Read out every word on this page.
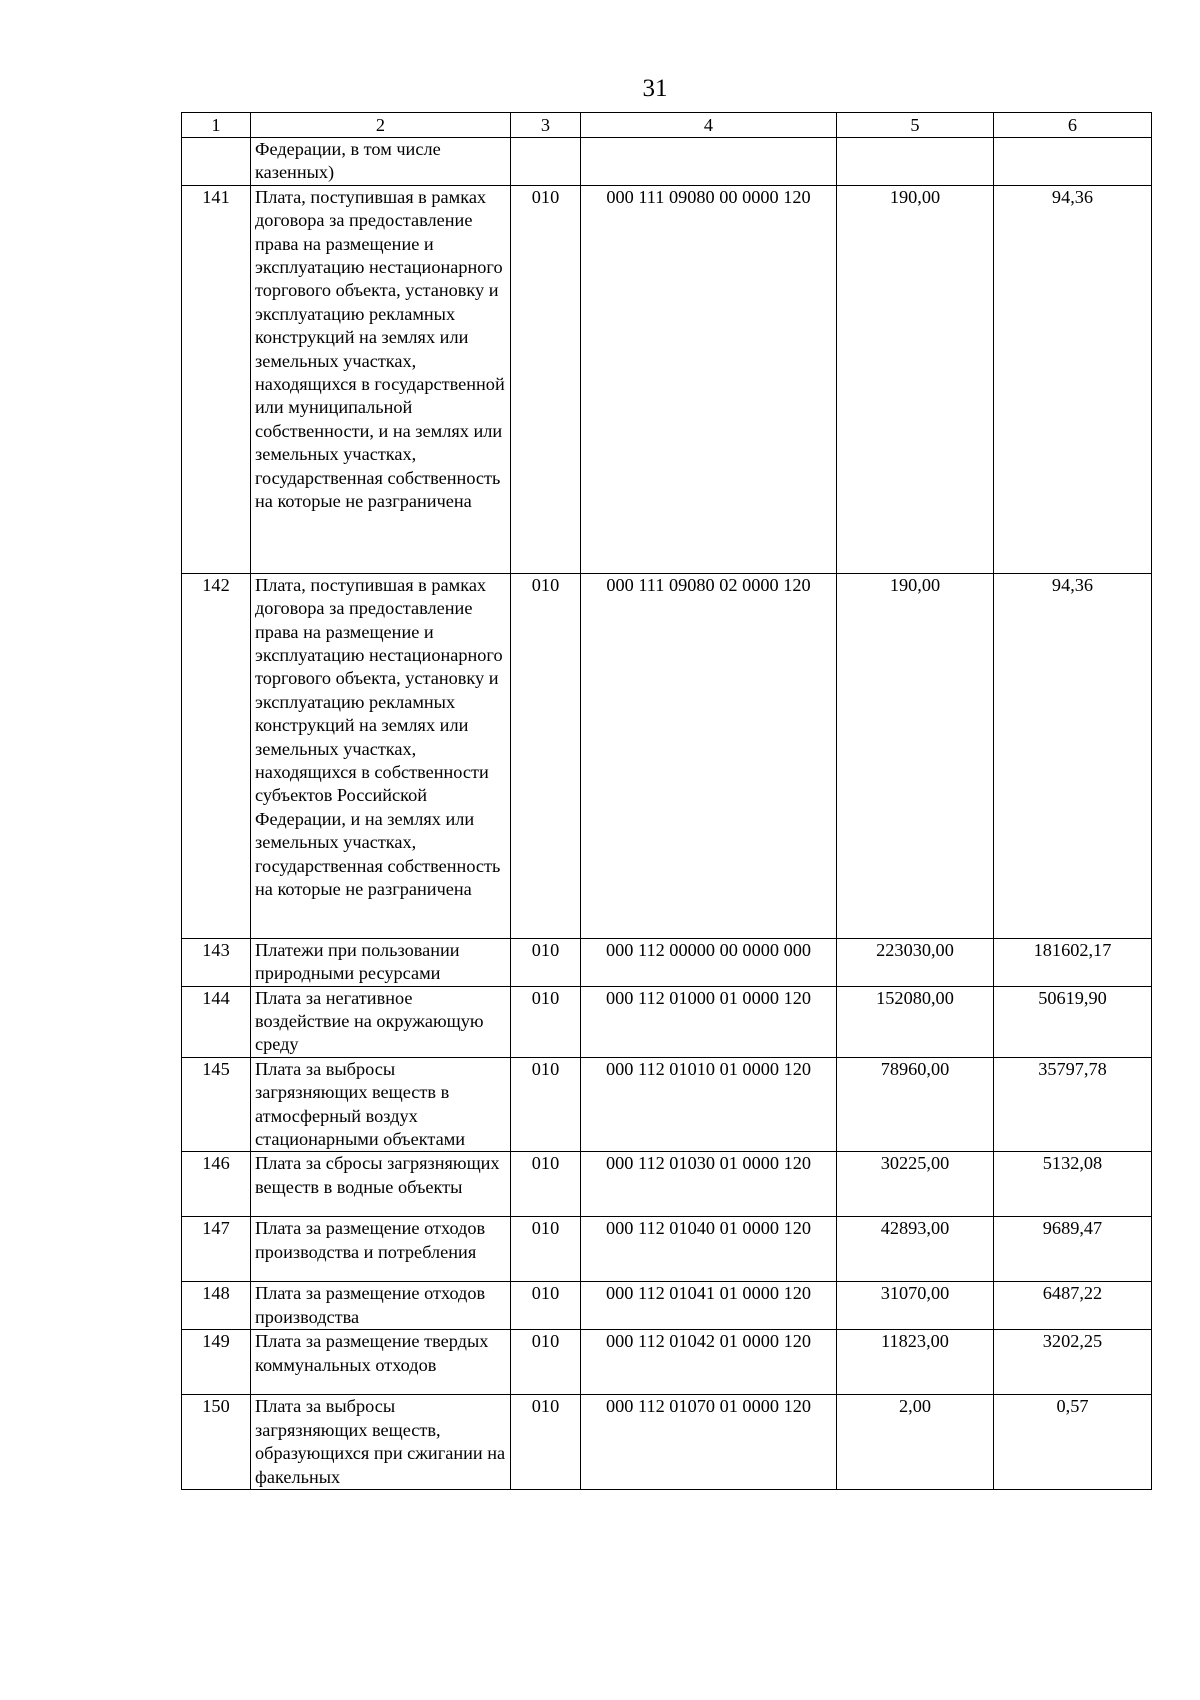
31
1	2	3	4	5	6
	Федерации, в том числе казенных)				
141	Плата, поступившая в рамках договора за предоставление права на размещение и эксплуатацию нестационарного торгового объекта, установку и эксплуатацию рекламных конструкций на землях или земельных участках, находящихся в государственной или муниципальной собственности, и на землях или земельных участках, государственная собственность на которые не разграничена	010	000 111 09080 00 0000 120	190,00	94,36
142	Плата, поступившая в рамках договора за предоставление права на размещение и эксплуатацию нестационарного торгового объекта, установку и эксплуатацию рекламных конструкций на землях или земельных участках, находящихся в собственности субъектов Российской Федерации, и на землях или земельных участках, государственная собственность на которые не разграничена	010	000 111 09080 02 0000 120	190,00	94,36
143	Платежи при пользовании природными ресурсами	010	000 112 00000 00 0000 000	223030,00	181602,17
144	Плата за негативное воздействие на окружающую среду	010	000 112 01000 01 0000 120	152080,00	50619,90
145	Плата за выбросы загрязняющих веществ в атмосферный воздух стационарными объектами	010	000 112 01010 01 0000 120	78960,00	35797,78
146	Плата за сбросы загрязняющих веществ в водные объекты	010	000 112 01030 01 0000 120	30225,00	5132,08
147	Плата за размещение отходов производства и потребления	010	000 112 01040 01 0000 120	42893,00	9689,47
148	Плата за размещение отходов производства	010	000 112 01041 01 0000 120	31070,00	6487,22
149	Плата за размещение твердых коммунальных отходов	010	000 112 01042 01 0000 120	11823,00	3202,25
150	Плата за выбросы загрязняющих веществ, образующихся при сжигании на факельных	010	000 112 01070 01 0000 120	2,00	0,57
